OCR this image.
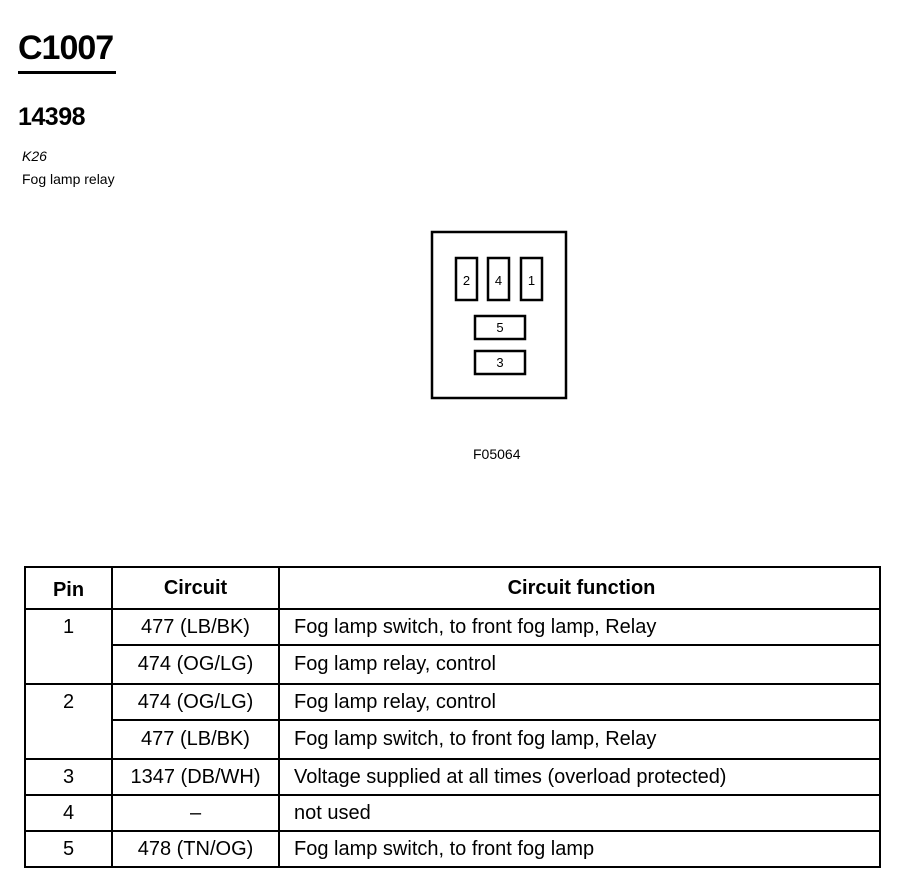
C1007
14398
K26
Fog lamp relay
2 4 1
5
3
F05064
Pin	Circuit	Circuit function
1	477 (LB/BK)	Fog lamp switch, to front fog lamp, Relay
	474 (OG/LG)	Fog lamp relay, control
2	474 (OG/LG)	Fog lamp relay, control
	477 (LB/BK)	Fog lamp switch, to front fog lamp, Relay
3	1347 (DB/WH)	Voltage supplied at all times (overload protected)
4	–	not used
5	478 (TN/OG)	Fog lamp switch, to front fog lamp
